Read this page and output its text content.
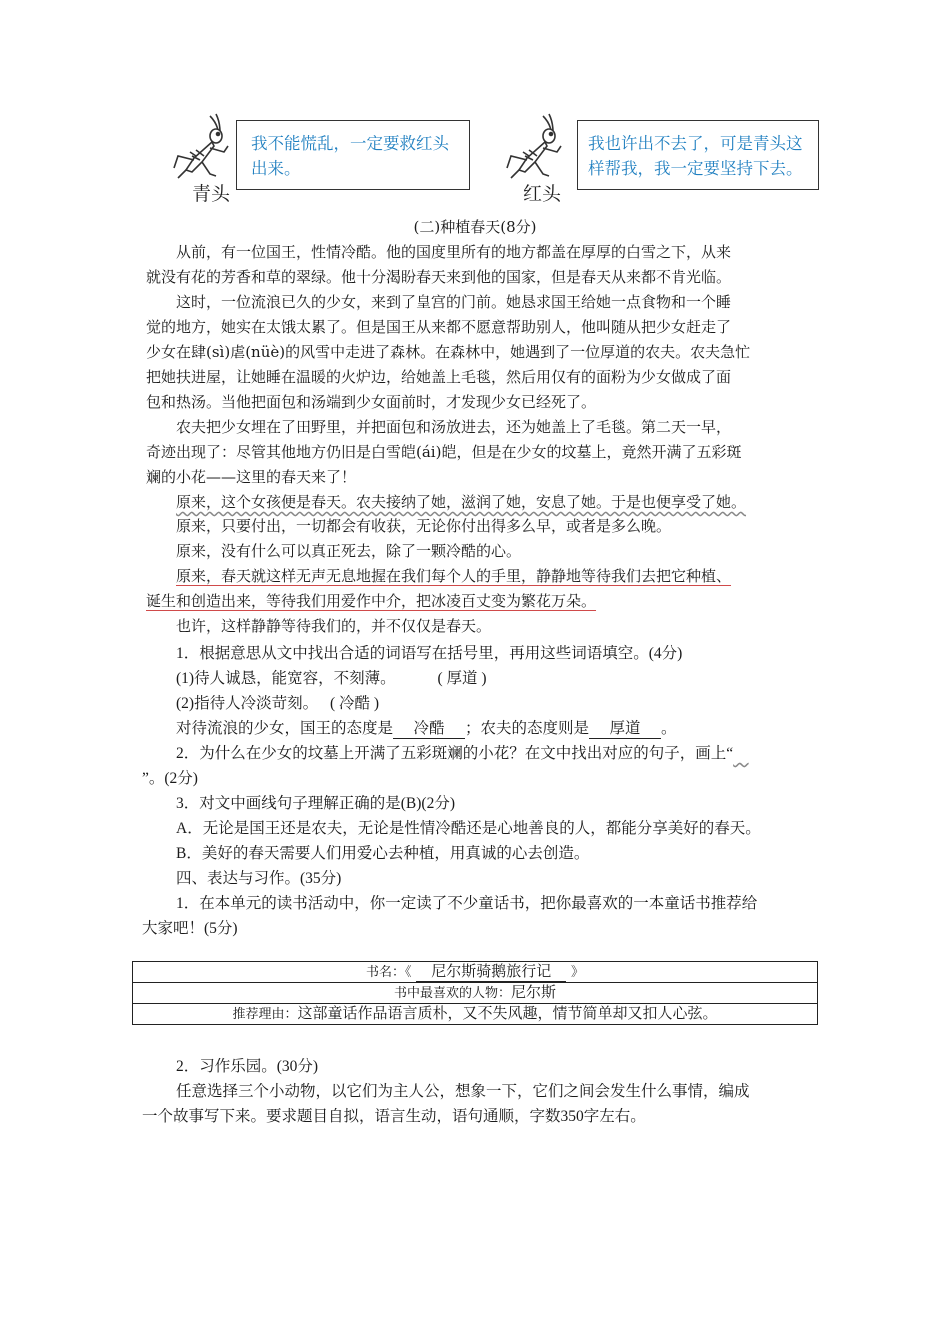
青头
我不能慌乱，一定要救红头出来。
红头
我也许出不去了，可是青头这样帮我，我一定要坚持下去。
(二)种植春天(8分)
从前，有一位国王，性情冷酷。他的国度里所有的地方都盖在厚厚的白雪之下，从来
就没有花的芳香和草的翠绿。他十分渴盼春天来到他的国家，但是春天从来都不肯光临。
这时，一位流浪已久的少女，来到了皇宫的门前。她恳求国王给她一点食物和一个睡
觉的地方，她实在太饿太累了。但是国王从来都不愿意帮助别人，他叫随从把少女赶走了
少女在肆(sì)虐(nüè)的风雪中走进了森林。在森林中，她遇到了一位厚道的农夫。农夫急忙
把她扶进屋，让她睡在温暖的火炉边，给她盖上毛毯，然后用仅有的面粉为少女做成了面
包和热汤。当他把面包和汤端到少女面前时，才发现少女已经死了。
农夫把少女埋在了田野里，并把面包和汤放进去，还为她盖上了毛毯。第二天一早，
奇迹出现了：尽管其他地方仍旧是白雪皑(ái)皑，但是在少女的坟墓上，竟然开满了五彩斑
斓的小花——这里的春天来了！
原来，这个女孩便是春天。农夫接纳了她，滋润了她，安息了她。于是也便享受了她。
原来，只要付出，一切都会有收获，无论你付出得多么早，或者是多么晚。
原来，没有什么可以真正死去，除了一颗冷酷的心。
原来，春天就这样无声无息地握在我们每个人的手里，静静地等待我们去把它种植、
诞生和创造出来，等待我们用爱作中介，把冰凌百丈变为繁花万朵。
也许，这样静静等待我们的，并不仅仅是春天。
1．根据意思从文中找出合适的词语写在括号里，再用这些词语填空。(4分)
(1)待人诚恳，能宽容，不刻薄。	( 厚道 )
(2)指待人冷淡苛刻。 ( 冷酷 )
对待流浪的少女，国王的态度是 冷酷 ；农夫的态度则是 厚道 。
2．为什么在少女的坟墓上开满了五彩斑斓的小花？在文中找出对应的句子，画上“　
”。(2分)
3．对文中画线句子理解正确的是(B)(2分)
A．无论是国王还是农夫，无论是性情冷酷还是心地善良的人，都能分享美好的春天。
B．美好的春天需要人们用爱心去种植，用真诚的心去创造。
四、表达与习作。(35分)
1．在本单元的读书活动中，你一定读了不少童话书，把你最喜欢的一本童话书推荐给
大家吧！(5分)
书名：《 尼尔斯骑鹅旅行记 》
书中最喜欢的人物：尼尔斯
推荐理由：这部童话作品语言质朴，又不失风趣，情节简单却又扣人心弦。
2．习作乐园。(30分)
任意选择三个小动物，以它们为主人公，想象一下，它们之间会发生什么事情，编成
一个故事写下来。要求题目自拟，语言生动，语句通顺，字数350字左右。
